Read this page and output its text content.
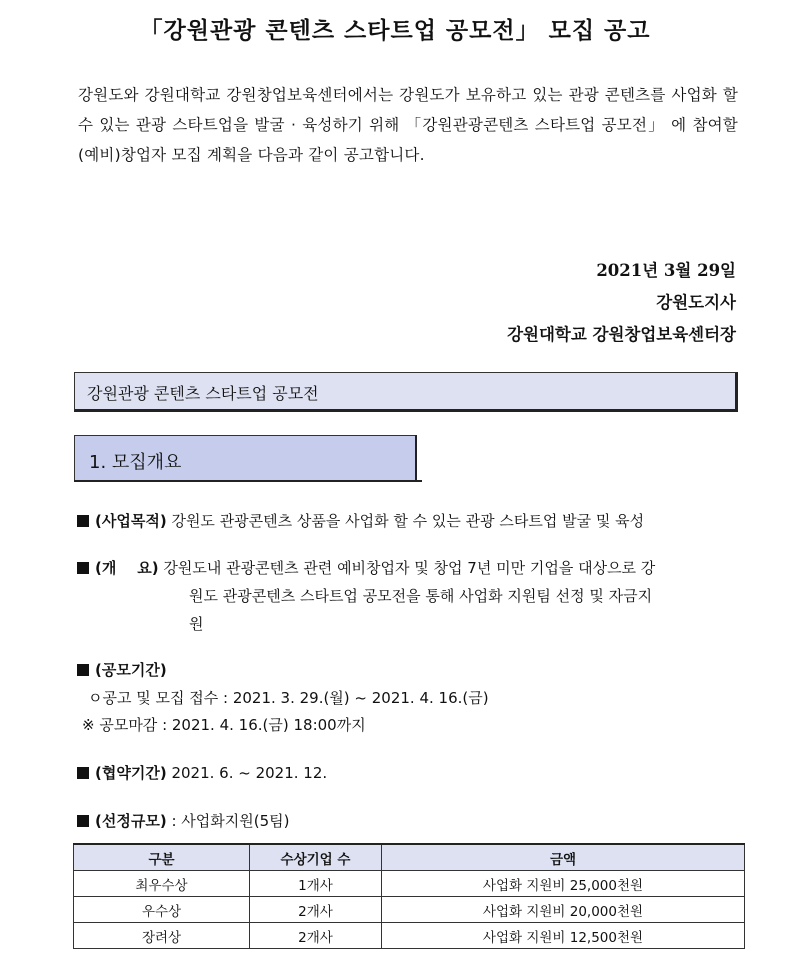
「강원관광 콘텐츠 스타트업 공모전」 모집 공고
강원도와 강원대학교 강원창업보육센터에서는 강원도가 보유하고 있는 관광 콘텐츠를 사업화 할 수 있는 관광 스타트업을 발굴 · 육성하기 위해 「강원관광콘텐츠 스타트업 공모전」 에 참여할 (예비)창업자 모집 계획을 다음과 같이 공고합니다.
2021년 3월 29일
강원도지사
강원대학교 강원창업보육센터장
강원관광 콘텐츠 스타트업 공모전
1. 모집개요
(사업목적) 강원도 관광콘텐츠 상품을 사업화 할 수 있는 관광 스타트업 발굴 및 육성
(개    요) 강원도내 관광콘텐츠 관련 예비창업자 및 창업 7년 미만 기업을 대상으로 강
원도 관광콘텐츠 스타트업 공모전을 통해 사업화 지원팀 선정 및 자금지
원
(공모기간)
ㅇ공고 및 모집 접수 : 2021. 3. 29.(월) ~ 2021. 4. 16.(금)
※ 공모마감 : 2021. 4. 16.(금) 18:00까지
(협약기간) 2021. 6. ~ 2021. 12.
(선정규모) : 사업화지원(5팀)
구분	수상기업 수	금액
최우수상	1개사	사업화 지원비 25,000천원
우수상	2개사	사업화 지원비 20,000천원
장려상	2개사	사업화 지원비 12,500천원
